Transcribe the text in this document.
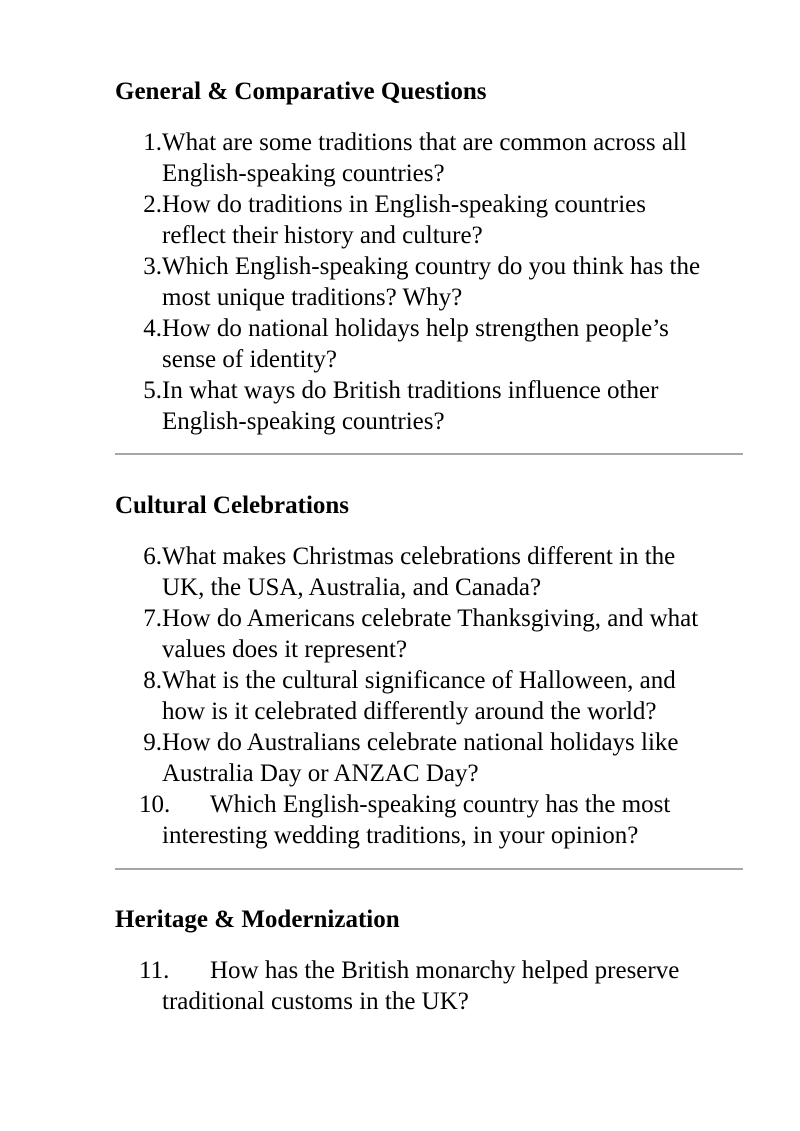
General & Comparative Questions
1. What are some traditions that are common across all
English-speaking countries?
2. How do traditions in English-speaking countries
reflect their history and culture?
3. Which English-speaking country do you think has the
most unique traditions? Why?
4. How do national holidays help strengthen people’s
sense of identity?
5. In what ways do British traditions influence other
English-speaking countries?
Cultural Celebrations
6. What makes Christmas celebrations different in the
UK, the USA, Australia, and Canada?
7. How do Americans celebrate Thanksgiving, and what
values does it represent?
8. What is the cultural significance of Halloween, and
how is it celebrated differently around the world?
9. How do Australians celebrate national holidays like
Australia Day or ANZAC Day?
10.	Which English-speaking country has the most
interesting wedding traditions, in your opinion?
Heritage & Modernization
11.	How has the British monarchy helped preserve
traditional customs in the UK?
